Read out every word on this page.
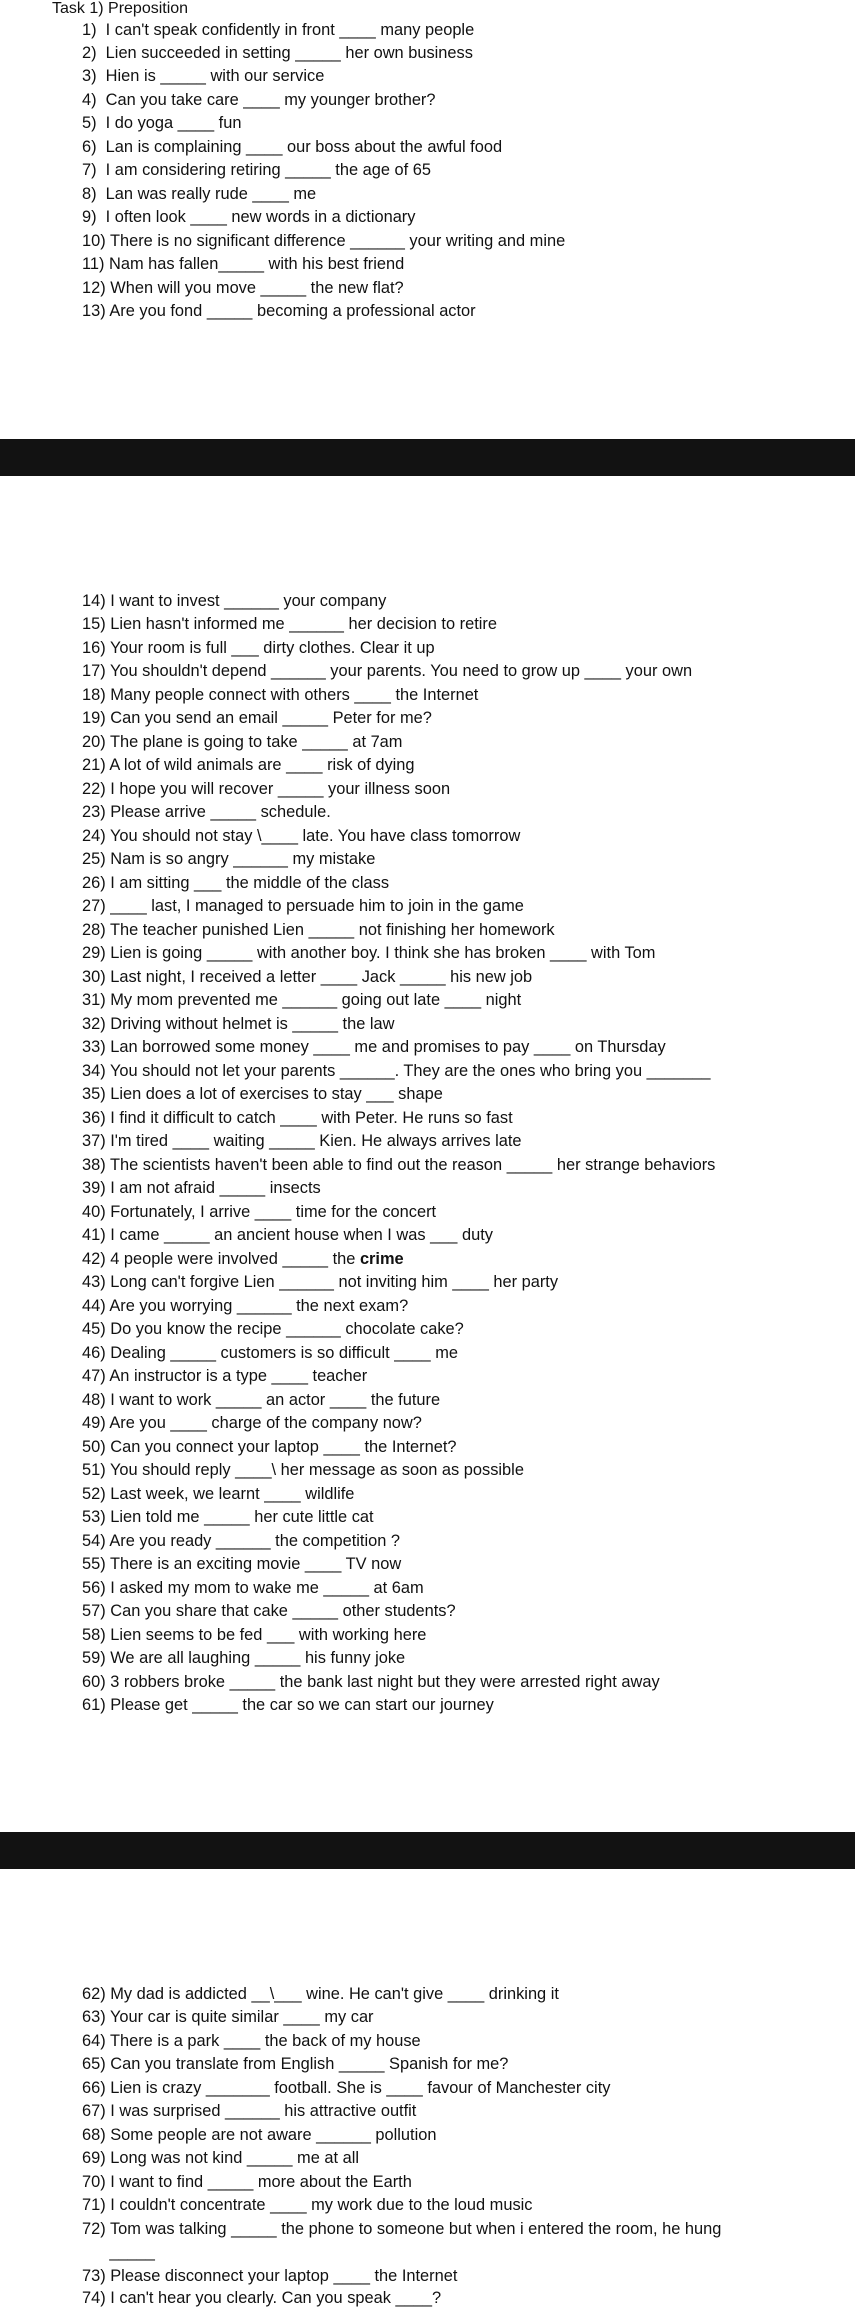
Task 1) Preposition
1)  I can't speak confidently in front ____ many people
2)  Lien succeeded in setting _____ her own business
3)  Hien is _____ with our service
4)  Can you take care ____ my younger brother?
5)  I do yoga ____ fun
6)  Lan is complaining ____ our boss about the awful food
7)  I am considering retiring _____ the age of 65
8)  Lan was really rude ____ me
9)  I often look ____ new words in a dictionary
10) There is no significant difference ______ your writing and mine
11) Nam has fallen_____ with his best friend
12) When will you move _____ the new flat?
13) Are you fond _____ becoming a professional actor
14) I want to invest ______ your company
15) Lien hasn't informed me ______ her decision to retire
16) Your room is full ___ dirty clothes. Clear it up
17) You shouldn't depend ______ your parents. You need to grow up ____ your own
18) Many people connect with others ____ the Internet
19) Can you send an email _____ Peter for me?
20) The plane is going to take _____ at 7am
21) A lot of wild animals are ____ risk of dying
22) I hope you will recover _____ your illness soon
23) Please arrive _____ schedule.
24) You should not stay \____ late. You have class tomorrow
25) Nam is so angry ______ my mistake
26) I am sitting ___ the middle of the class
27) ____ last, I managed to persuade him to join in the game
28) The teacher punished Lien _____ not finishing her homework
29) Lien is going _____ with another boy. I think she has broken ____ with Tom
30) Last night, I received a letter ____ Jack _____ his new job
31) My mom prevented me ______ going out late ____ night
32) Driving without helmet is _____ the law
33) Lan borrowed some money ____ me and promises to pay ____ on Thursday
34) You should not let your parents ______. They are the ones who bring you _______
35) Lien does a lot of exercises to stay ___ shape
36) I find it difficult to catch ____ with Peter. He runs so fast
37) I'm tired ____ waiting _____ Kien. He always arrives late
38) The scientists haven't been able to find out the reason _____ her strange behaviors
39) I am not afraid _____ insects
40) Fortunately, I arrive ____ time for the concert
41) I came _____ an ancient house when I was ___ duty
42) 4 people were involved _____ the crime
43) Long can't forgive Lien ______ not inviting him ____ her party
44) Are you worrying ______ the next exam?
45) Do you know the recipe ______ chocolate cake?
46) Dealing _____ customers is so difficult ____ me
47) An instructor is a type ____ teacher
48) I want to work _____ an actor ____ the future
49) Are you ____ charge of the company now?
50) Can you connect your laptop ____ the Internet?
51) You should reply ____\ her message as soon as possible
52) Last week, we learnt ____ wildlife
53) Lien told me _____ her cute little cat
54) Are you ready ______ the competition ?
55) There is an exciting movie ____ TV now
56) I asked my mom to wake me _____ at 6am
57) Can you share that cake _____ other students?
58) Lien seems to be fed ___ with working here
59) We are all laughing _____ his funny joke
60) 3 robbers broke _____ the bank last night but they were arrested right away
61) Please get _____ the car so we can start our journey
62) My dad is addicted __\___ wine. He can't give ____ drinking it
63) Your car is quite similar ____ my car
64) There is a park ____ the back of my house
65) Can you translate from English _____ Spanish for me?
66) Lien is crazy _______ football. She is ____ favour of Manchester city
67) I was surprised ______ his attractive outfit
68) Some people are not aware ______ pollution
69) Long was not kind _____ me at all
70) I want to find _____ more about the Earth
71) I couldn't concentrate ____ my work due to the loud music
72) Tom was talking _____ the phone to someone but when i entered the room, he hung
_____
73) Please disconnect your laptop ____ the Internet
74) I can't hear you clearly. Can you speak ____?
